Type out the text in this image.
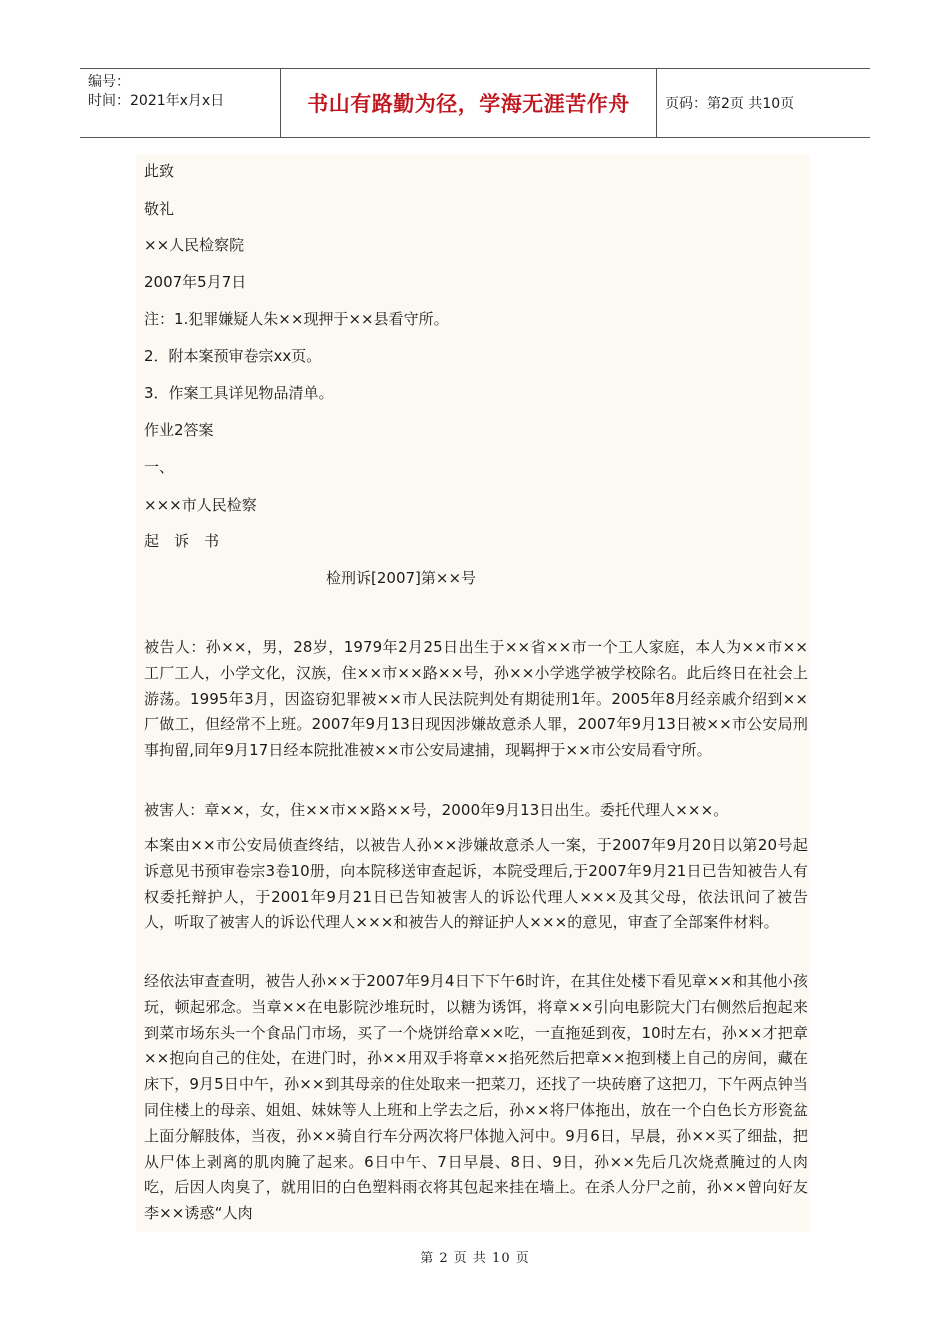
编号：
时间：2021年x月x日	书山有路勤为径，学海无涯苦作舟	页码：第2页 共10页
此致
敬礼
××人民检察院
2007年5月7日
注：1.犯罪嫌疑人朱××现押于××县看守所。
2．附本案预审卷宗xx页。
3．作案工具详见物品清单。
作业2答案
一、
×××市人民检察
起　诉　书
检刑诉[2007]第××号
被告人：孙××，男，28岁，1979年2月25日出生于××省××市一个工人家庭，本人为××市××工厂工人，小学文化，汉族，住××市××路××号，孙××小学逃学被学校除名。此后终日在社会上游荡。1995年3月，因盗窃犯罪被××市人民法院判处有期徒刑1年。2005年8月经亲戚介绍到××厂做工，但经常不上班。2007年9月13日现因涉嫌故意杀人罪，2007年9月13日被××市公安局刑事拘留,同年9月17日经本院批准被××市公安局逮捕，现羁押于××市公安局看守所。
被害人：章××，女，住××市××路××号，2000年9月13日出生。委托代理人×××。
本案由××市公安局侦查终结，以被告人孙××涉嫌故意杀人一案，于2007年9月20日以第20号起诉意见书预审卷宗3卷10册，向本院移送审查起诉，本院受理后,于2007年9月21日已告知被告人有权委托辩护人，于2001年9月21日已告知被害人的诉讼代理人×××及其父母，依法讯问了被告人，听取了被害人的诉讼代理人×××和被告人的辩证护人×××的意见，审查了全部案件材料。
经依法审查查明，被告人孙××于2007年9月4日下下午6时许，在其住处楼下看见章××和其他小孩玩，顿起邪念。当章××在电影院沙堆玩时，以糖为诱饵，将章××引向电影院大门右侧然后抱起来到菜市场东头一个食品门市场，买了一个烧饼给章××吃，一直拖延到夜，10时左右，孙××才把章××抱向自己的住处，在进门时，孙××用双手将章××掐死然后把章××抱到楼上自己的房间，藏在床下，9月5日中午，孙××到其母亲的住处取来一把菜刀，还找了一块砖磨了这把刀，下午两点钟当同住楼上的母亲、姐姐、妹妹等人上班和上学去之后，孙××将尸体拖出，放在一个白色长方形瓷盆上面分解肢体，当夜，孙××骑自行车分两次将尸体抛入河中。9月6日，早晨，孙××买了细盐，把从尸体上剥离的肌肉腌了起来。6日中午、7日早晨、8日、9日，孙××先后几次烧煮腌过的人肉吃，后因人肉臭了，就用旧的白色塑料雨衣将其包起来挂在墙上。在杀人分尸之前，孙××曾向好友李××诱惑“人肉
第 2 页 共 10 页
